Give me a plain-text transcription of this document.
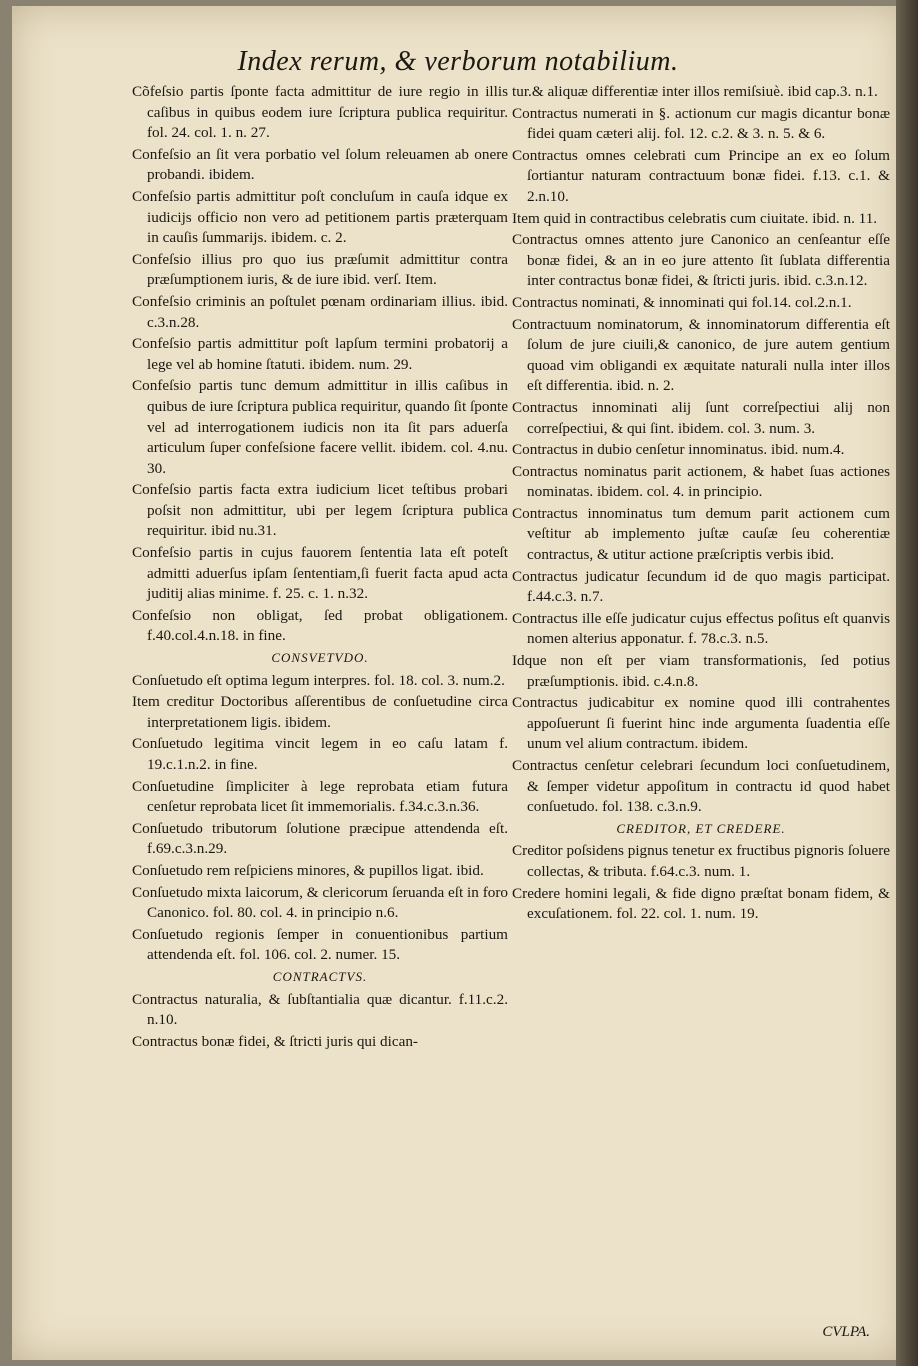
Index rerum, & verborum notabilium.
Cõfeſsio partis ſponte facta admittitur de iure regio in illis caſibus in quibus eodem iure ſcriptura publica requiritur. fol. 24. col. 1. n. 27.
Confeſsio an ſit vera porbatio vel ſolum releuamen ab onere probandi. ibidem.
Confeſsio partis admittitur poſt concluſum in cauſa idque ex iudicijs officio non vero ad petitionem partis præterquam in cauſis ſummarijs. ibidem. c. 2.
Confeſsio illius pro quo ius præſumit admittitur contra præſumptionem iuris, & de iure ibid. verſ. Item.
Confeſsio criminis an poſtulet pœnam ordinariam illius. ibid. c.3.n.28.
Confeſsio partis admittitur poſt lapſum termini probatorij a lege vel ab homine ſtatuti. ibidem. num. 29.
Confeſsio partis tunc demum admittitur in illis caſibus in quibus de iure ſcriptura publica requiritur, quando ſit ſponte vel ad interrogationem iudicis non ita ſit pars aduerſa articulum ſuper confeſsione facere vellit. ibidem. col. 4.nu. 30.
Confeſsio partis facta extra iudicium licet teſtibus probari poſsit non admittitur, ubi per legem ſcriptura publica requiritur. ibid nu.31.
Confeſsio partis in cujus fauorem ſententia lata eſt poteſt admitti aduerſus ipſam ſententiam,ſi fuerit facta apud acta juditij alias minime. f. 25. c. 1. n.32.
Confeſsio non obligat, ſed probat obligationem. f.40.col.4.n.18. in fine.
CONSVETVDO.
Conſuetudo eſt optima legum interpres. fol. 18. col. 3. num.2.
Item creditur Doctoribus aſſerentibus de conſuetudine circa interpretationem ligis. ibidem.
Conſuetudo legitima vincit legem in eo caſu latam f. 19.c.1.n.2. in fine.
Conſuetudine ſimpliciter à lege reprobata etiam futura cenſetur reprobata licet ſit immemorialis. f.34.c.3.n.36.
Conſuetudo tributorum ſolutione præcipue attendenda eſt. f.69.c.3.n.29.
Conſuetudo rem reſpiciens minores, & pupillos ligat. ibid.
Conſuetudo mixta laicorum, & clericorum ſeruanda eſt in foro Canonico. fol. 80. col. 4. in principio n.6.
Conſuetudo regionis ſemper in conuentionibus partium attendenda eſt. fol. 106. col. 2. numer. 15.
CONTRACTVS.
Contractus naturalia, & ſubſtantialia quæ dicantur. f.11.c.2. n.10.
Contractus bonæ fidei, & ſtricti juris qui dican-
tur.& aliquæ differentiæ inter illos remiſsiuè. ibid cap.3. n.1.
Contractus numerati in §. actionum cur magis dicantur bonæ fidei quam cæteri alij. fol. 12. c.2. & 3. n. 5. & 6.
Contractus omnes celebrati cum Principe an ex eo ſolum ſortiantur naturam contractuum bonæ fidei. f.13. c.1. & 2.n.10.
Item quid in contractibus celebratis cum ciuitate. ibid. n. 11.
Contractus omnes attento jure Canonico an cenſeantur eſſe bonæ fidei, & an in eo jure attento ſit ſublata differentia inter contractus bonæ fidei, & ſtricti juris. ibid. c.3.n.12.
Contractus nominati, & innominati qui fol.14. col.2.n.1.
Contractuum nominatorum, & innominatorum differentia eſt ſolum de jure ciuili,& canonico, de jure autem gentium quoad vim obligandi ex æquitate naturali nulla inter illos eſt differentia. ibid. n. 2.
Contractus innominati alij ſunt correſpectiui alij non correſpectiui, & qui ſint. ibidem. col. 3. num. 3.
Contractus in dubio cenſetur innominatus. ibid. num.4.
Contractus nominatus parit actionem, & habet ſuas actiones nominatas. ibidem. col. 4. in principio.
Contractus innominatus tum demum parit actionem cum veſtitur ab implemento juſtæ cauſæ ſeu coherentiæ contractus, & utitur actione præſcriptis verbis ibid.
Contractus judicatur ſecundum id de quo magis participat. f.44.c.3. n.7.
Contractus ille eſſe judicatur cujus effectus poſitus eſt quanvis nomen alterius apponatur. f. 78.c.3. n.5.
Idque non eſt per viam transformationis, ſed potius præſumptionis. ibid. c.4.n.8.
Contractus judicabitur ex nomine quod illi contrahentes appoſuerunt ſi fuerint hinc inde argumenta ſuadentia eſſe unum vel alium contractum. ibidem.
Contractus cenſetur celebrari ſecundum loci conſuetudinem, & ſemper videtur appoſitum in contractu id quod habet conſuetudo. fol. 138. c.3.n.9.
CREDITOR, ET CREDERE.
Creditor poſsidens pignus tenetur ex fructibus pignoris ſoluere collectas, & tributa. f.64.c.3. num. 1.
Credere homini legali, & fide digno præſtat bonam fidem, & excuſationem. fol. 22. col. 1. num. 19.
CVLPA.
